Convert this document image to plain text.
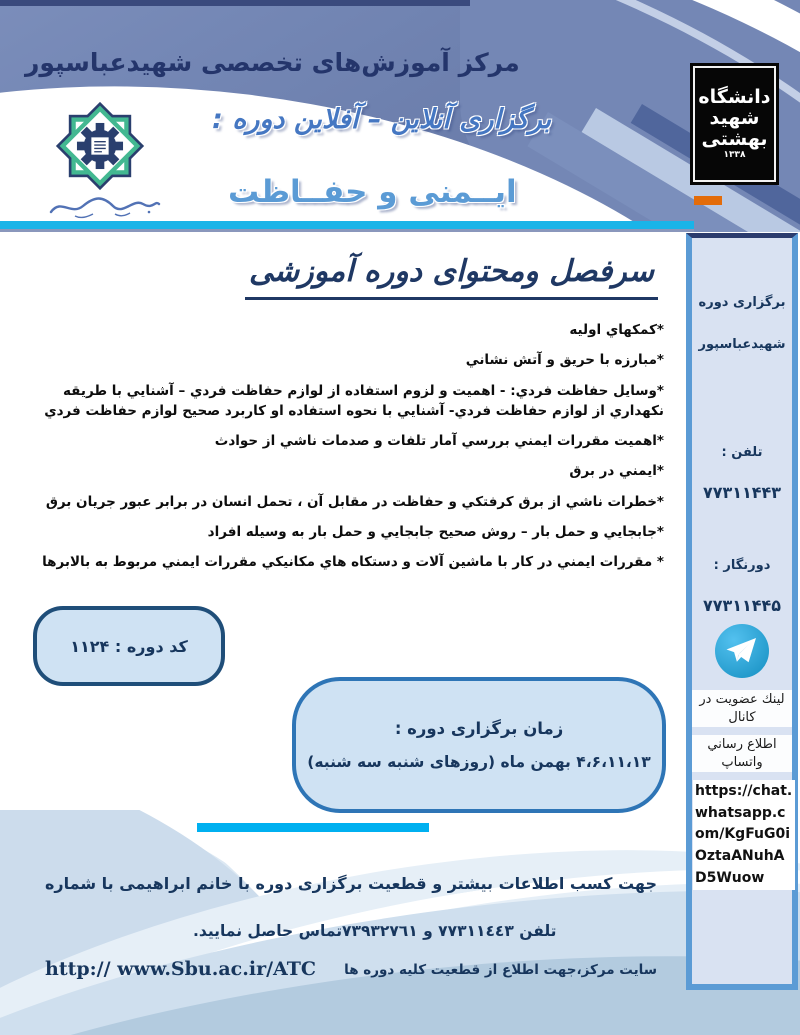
مرکز آموزش‌های تخصصی شهیدعباسپور
برگزاری آنلاین – آفلاین دوره :
ایــمنی و حفــاظت
دانشگاه
شهید
بهشتی
۱۳۳۸
سرفصل ومحتوای دوره آموزشی
*کمکهاي اوليه
*مبارزه با حريق و آتش نشاني
*وسايل حفاظت فردي: - اهميت و لزوم استفاده از لوازم حفاظت فردي – آشنايي با طريقه نكهداري از لوازم حفاظت فردي- آشنايي با نحوه استفاده او كاربرد صحيح لوازم حفاظت فردي
*اهميت مقررات ايمني بررسي آمار تلفات و صدمات ناشي از حوادث
*ايمني در برق
*خطرات ناشي از برق كرفتكي و حفاظت در مقابل آن ، تحمل انسان در برابر عبور جريان برق
*جابجايي و حمل بار – روش صحيح جابجايي و حمل بار به وسيله افراد
* مقررات ايمني در كار با ماشين آلات و دستكاه هاي مكانيكي مقررات ايمني مربوط به بالابرها
کد دوره : ۱۱۲۴
زمان برگزاری دوره :
۴،۶،۱۱،۱۳ بهمن ماه (روزهای شنبه سه شنبه)
برگزاری دوره
شهیدعباسپور
تلفن :
۷۷۳۱۱۴۴۳
دورنگار :
۷۷۳۱۱۴۴۵
لینك عضویت در كانال
اطلاع رساني واتساپ
https://chat.whatsapp.com/KgFuG0iOztaANuhAD5Wuow
جهت کسب اطلاعات بیشتر و قطعیت برگزاری دوره با خانم ابراهیمی با شماره
تلفن ۷۷۳۱۱٤٤۳ و ۷۳۹۳۲۷٦۱تماس حاصل نمایید.
http:// www.Sbu.ac.ir/ATC سایت مرکز،جهت اطلاع از قطعیت کلیه دوره ها
